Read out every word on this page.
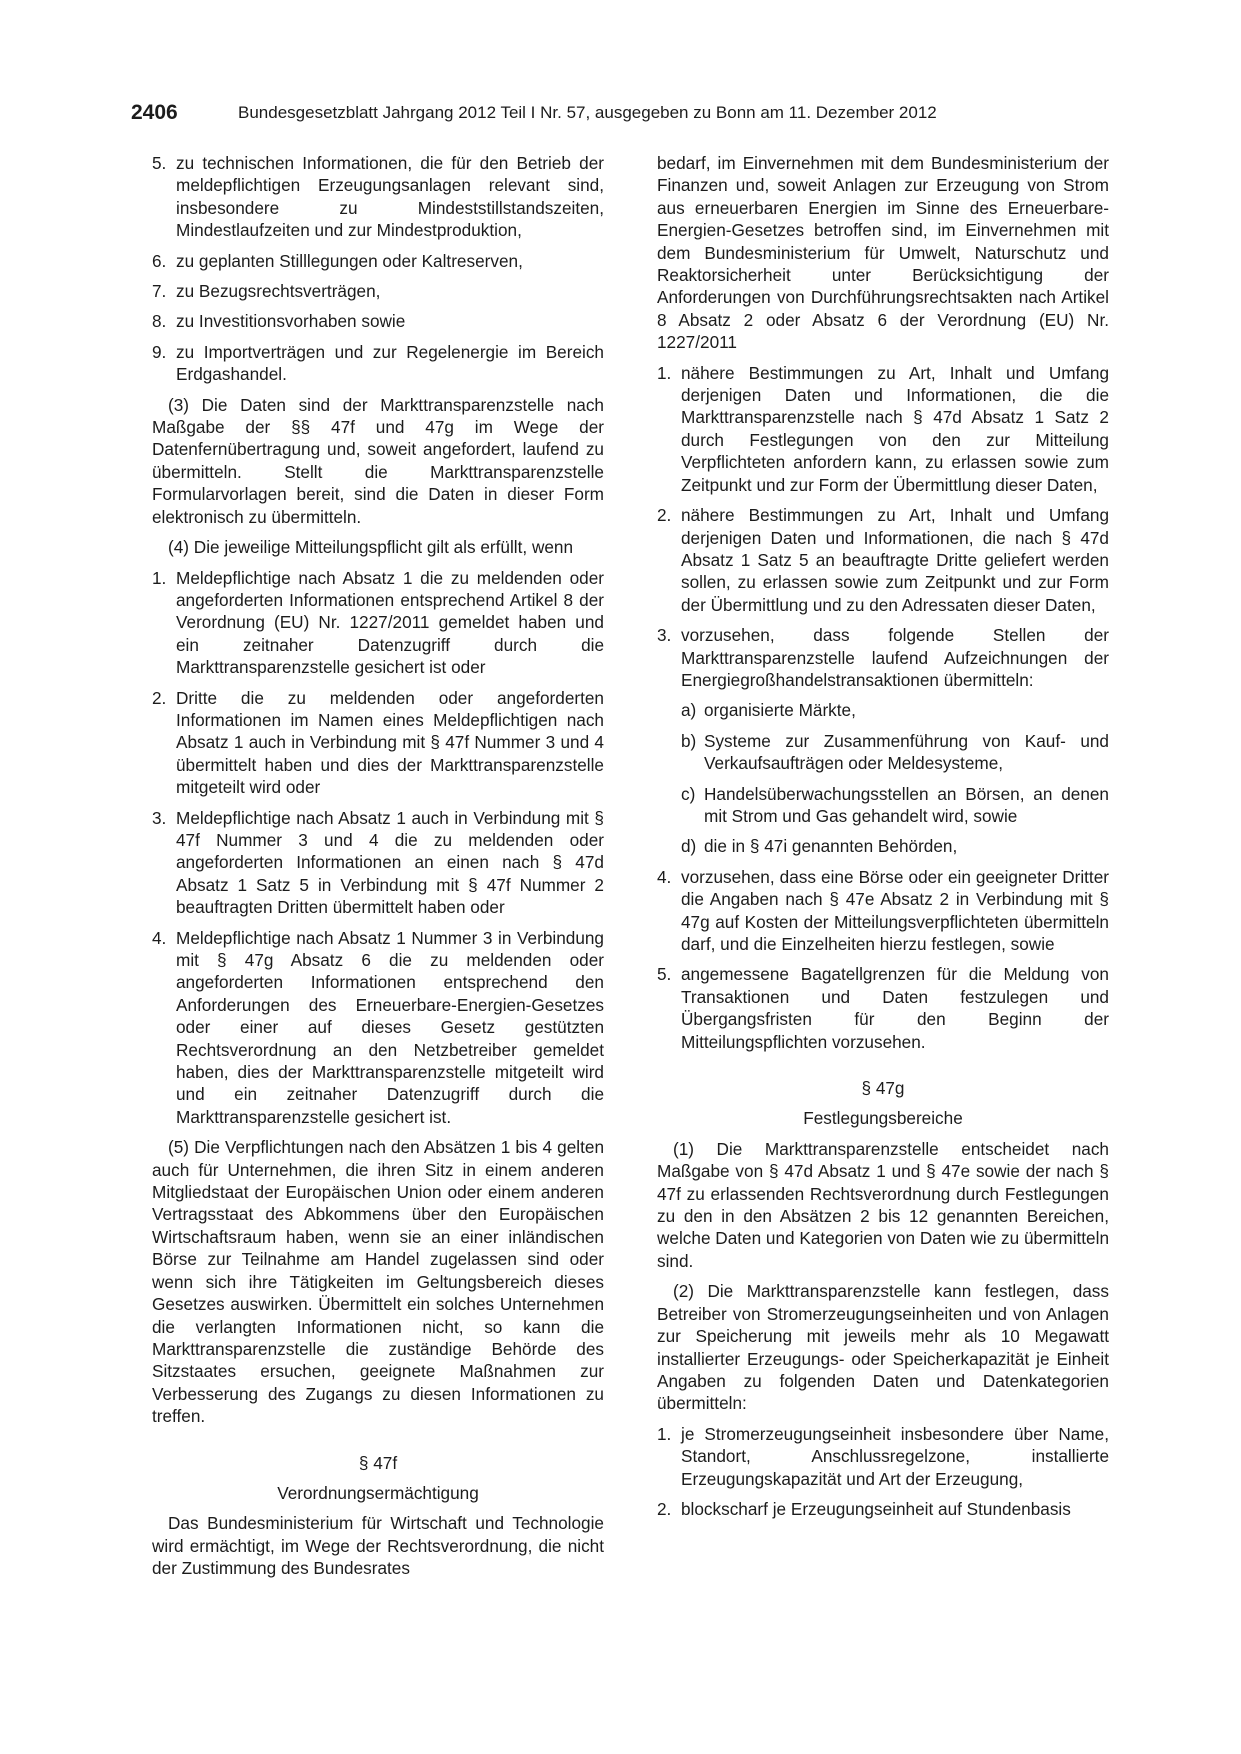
2406	Bundesgesetzblatt Jahrgang 2012 Teil I Nr. 57, ausgegeben zu Bonn am 11. Dezember 2012
5. zu technischen Informationen, die für den Betrieb der meldepflichtigen Erzeugungsanlagen relevant sind, insbesondere zu Mindeststillstandszeiten, Mindestlaufzeiten und zur Mindestproduktion,
6. zu geplanten Stilllegungen oder Kaltreserven,
7. zu Bezugsrechtsverträgen,
8. zu Investitionsvorhaben sowie
9. zu Importverträgen und zur Regelenergie im Bereich Erdgashandel.

(3) Die Daten sind der Markttransparenzstelle nach Maßgabe der §§ 47f und 47g im Wege der Datenfernübertragung und, soweit angefordert, laufend zu übermitteln. Stellt die Markttransparenzstelle Formularvorlagen bereit, sind die Daten in dieser Form elektronisch zu übermitteln.

(4) Die jeweilige Mitteilungspflicht gilt als erfüllt, wenn

1. Meldepflichtige nach Absatz 1 die zu meldenden oder angeforderten Informationen entsprechend Artikel 8 der Verordnung (EU) Nr. 1227/2011 gemeldet haben und ein zeitnaher Datenzugriff durch die Markttransparenzstelle gesichert ist oder
2. Dritte die zu meldenden oder angeforderten Informationen im Namen eines Meldepflichtigen nach Absatz 1 auch in Verbindung mit § 47f Nummer 3 und 4 übermittelt haben und dies der Markttransparenzstelle mitgeteilt wird oder
3. Meldepflichtige nach Absatz 1 auch in Verbindung mit § 47f Nummer 3 und 4 die zu meldenden oder angeforderten Informationen an einen nach § 47d Absatz 1 Satz 5 in Verbindung mit § 47f Nummer 2 beauftragten Dritten übermittelt haben oder
4. Meldepflichtige nach Absatz 1 Nummer 3 in Verbindung mit § 47g Absatz 6 die zu meldenden oder angeforderten Informationen entsprechend den Anforderungen des Erneuerbare-Energien-Gesetzes oder einer auf dieses Gesetz gestützten Rechtsverordnung an den Netzbetreiber gemeldet haben, dies der Markttransparenzstelle mitgeteilt wird und ein zeitnaher Datenzugriff durch die Markttransparenzstelle gesichert ist.

(5) Die Verpflichtungen nach den Absätzen 1 bis 4 gelten auch für Unternehmen, die ihren Sitz in einem anderen Mitgliedstaat der Europäischen Union oder einem anderen Vertragsstaat des Abkommens über den Europäischen Wirtschaftsraum haben, wenn sie an einer inländischen Börse zur Teilnahme am Handel zugelassen sind oder wenn sich ihre Tätigkeiten im Geltungsbereich dieses Gesetzes auswirken. Übermittelt ein solches Unternehmen die verlangten Informationen nicht, so kann die Markttransparenzstelle die zuständige Behörde des Sitzstaates ersuchen, geeignete Maßnahmen zur Verbesserung des Zugangs zu diesen Informationen zu treffen.

§ 47f
Verordnungsermächtigung

Das Bundesministerium für Wirtschaft und Technologie wird ermächtigt, im Wege der Rechtsverordnung, die nicht der Zustimmung des Bundesrates

bedarf, im Einvernehmen mit dem Bundesministerium der Finanzen und, soweit Anlagen zur Erzeugung von Strom aus erneuerbaren Energien im Sinne des Erneuerbare-Energien-Gesetzes betroffen sind, im Einvernehmen mit dem Bundesministerium für Umwelt, Naturschutz und Reaktorsicherheit unter Berücksichtigung der Anforderungen von Durchführungsrechtsakten nach Artikel 8 Absatz 2 oder Absatz 6 der Verordnung (EU) Nr. 1227/2011

1. nähere Bestimmungen zu Art, Inhalt und Umfang derjenigen Daten und Informationen, die die Markttransparenzstelle nach § 47d Absatz 1 Satz 2 durch Festlegungen von den zur Mitteilung Verpflichteten anfordern kann, zu erlassen sowie zum Zeitpunkt und zur Form der Übermittlung dieser Daten,
2. nähere Bestimmungen zu Art, Inhalt und Umfang derjenigen Daten und Informationen, die nach § 47d Absatz 1 Satz 5 an beauftragte Dritte geliefert werden sollen, zu erlassen sowie zum Zeitpunkt und zur Form der Übermittlung und zu den Adressaten dieser Daten,
3. vorzusehen, dass folgende Stellen der Markttransparenzstelle laufend Aufzeichnungen der Energiegroßhandelstransaktionen übermitteln:
a) organisierte Märkte,
b) Systeme zur Zusammenführung von Kauf- und Verkaufsaufträgen oder Meldesysteme,
c) Handelsüberwachungsstellen an Börsen, an denen mit Strom und Gas gehandelt wird, sowie
d) die in § 47i genannten Behörden,
4. vorzusehen, dass eine Börse oder ein geeigneter Dritter die Angaben nach § 47e Absatz 2 in Verbindung mit § 47g auf Kosten der Mitteilungsverpflichteten übermitteln darf, und die Einzelheiten hierzu festlegen, sowie
5. angemessene Bagatellgrenzen für die Meldung von Transaktionen und Daten festzulegen und Übergangsfristen für den Beginn der Mitteilungspflichten vorzusehen.
§ 47g
Festlegungsbereiche

(1) Die Markttransparenzstelle entscheidet nach Maßgabe von § 47d Absatz 1 und § 47e sowie der nach § 47f zu erlassenden Rechtsverordnung durch Festlegungen zu den in den Absätzen 2 bis 12 genannten Bereichen, welche Daten und Kategorien von Daten wie zu übermitteln sind.

(2) Die Markttransparenzstelle kann festlegen, dass Betreiber von Stromerzeugungseinheiten und von Anlagen zur Speicherung mit jeweils mehr als 10 Megawatt installierter Erzeugungs- oder Speicherkapazität je Einheit Angaben zu folgenden Daten und Datenkategorien übermitteln:

1. je Stromerzeugungseinheit insbesondere über Name, Standort, Anschlussregelzone, installierte Erzeugungskapazität und Art der Erzeugung,
2. blockscharf je Erzeugungseinheit auf Stundenbasis
